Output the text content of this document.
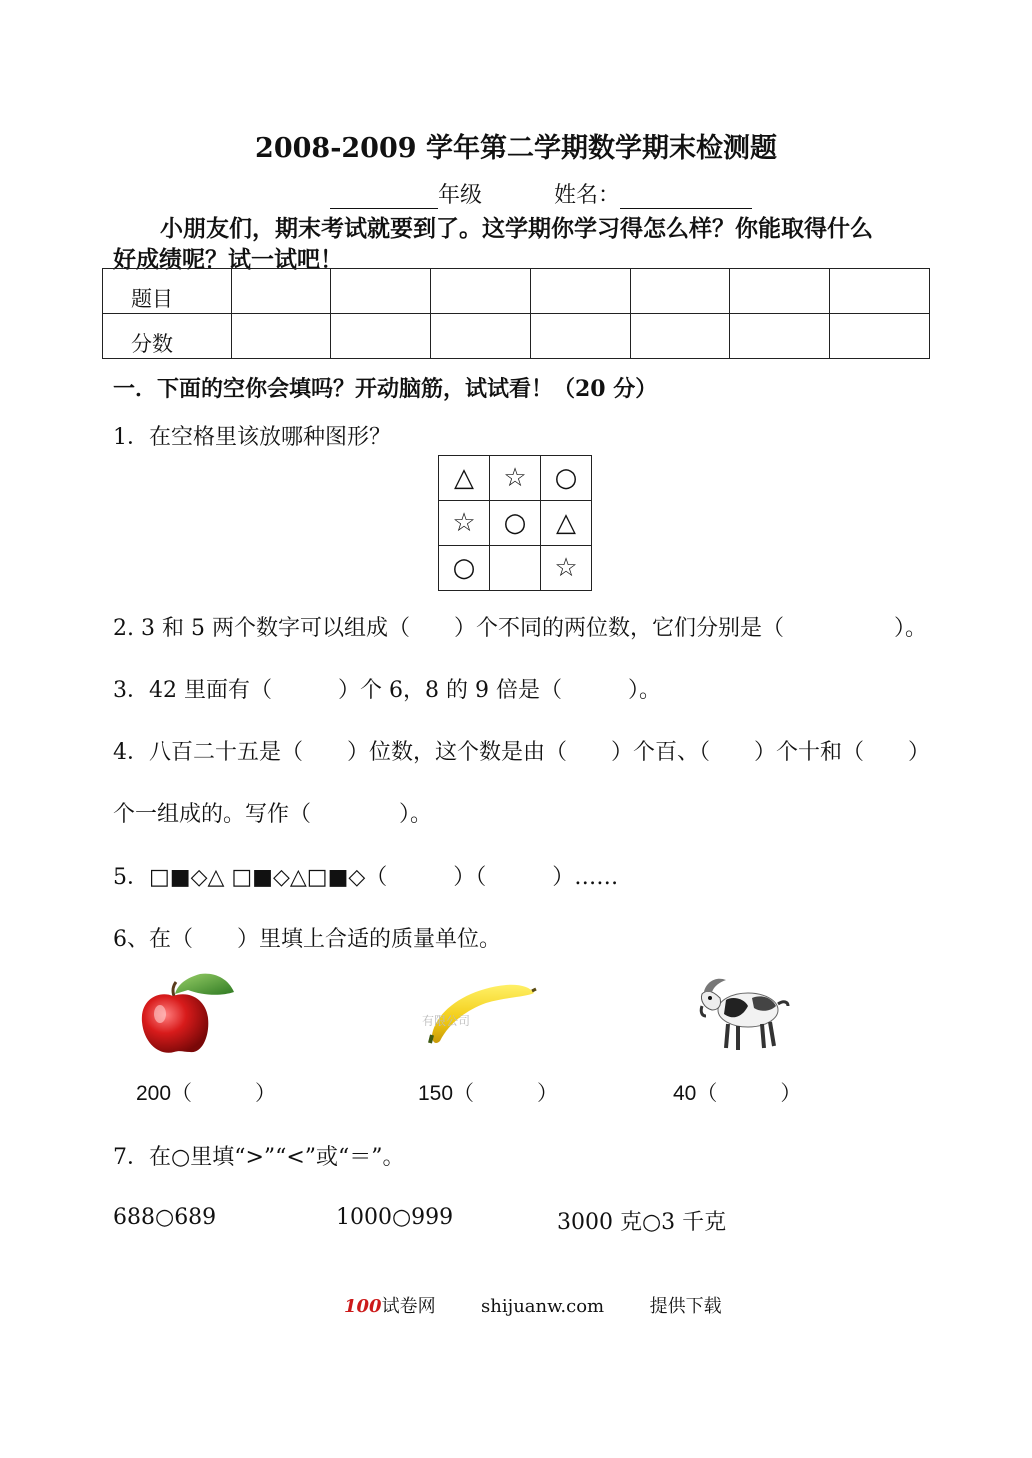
2008-2009 学年第二学期数学期末检测题
年级	姓名：
小朋友们，期末考试就要到了。这学期你学习得怎么样？你能取得什么
好成绩呢？试一试吧！
题目							
分数							
一．下面的空你会填吗？开动脑筋，试试看！（20 分）
1．在空格里该放哪种图形？
△	☆	○
☆	○	△
○		☆
2. 3 和 5 两个数字可以组成（　　）个不同的两位数，它们分别是（　　　　　）。
3．42 里面有（　　　）个 6，8 的 9 倍是（　　　）。
4．八百二十五是（　　）位数，这个数是由（　　）个百、（　　）个十和（　　）
个一组成的。写作（　　　　）。
5．□■◇△ □■◇△□■◇（　　　）（　　　）……
6、在（　　）里填上合适的质量单位。
200（　　　）
有限公司
150（　　　）	40（　　　）
7．在○里填“>”“<”或“＝”。
688○689	1000○999	3000 克○3 千克
100试卷网	shijuanw.com	提供下载
